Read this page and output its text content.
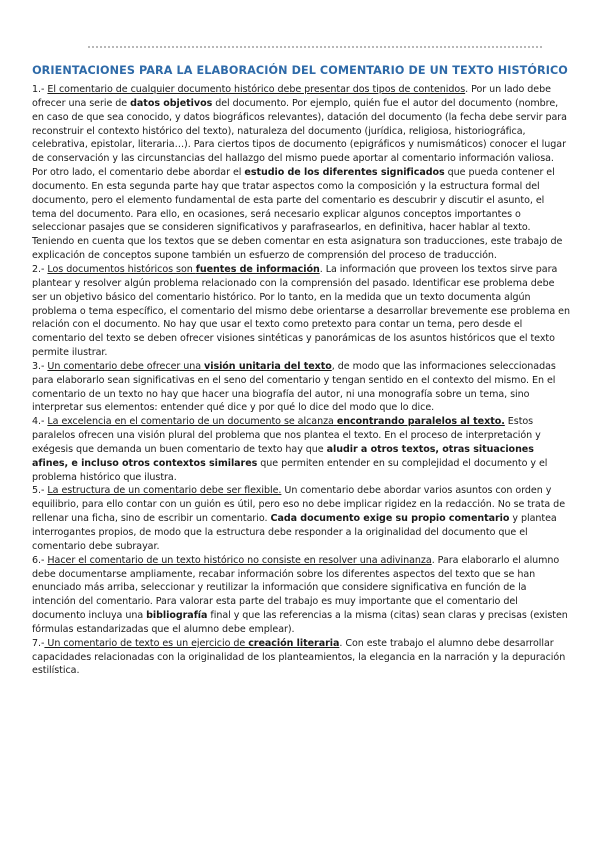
ORIENTACIONES PARA LA ELABORACIÓN DEL COMENTARIO DE UN TEXTO HISTÓRICO

1.- El comentario de cualquier documento histórico debe presentar dos tipos de contenidos. Por un lado debe ofrecer una serie de datos objetivos del documento. Por ejemplo, quién fue el autor del documento (nombre, en caso de que sea conocido, y datos biográficos relevantes), datación del documento (la fecha debe servir para reconstruir el contexto histórico del texto), naturaleza del documento (jurídica, religiosa, historiográfica, celebrativa, epistolar, literaria…). Para ciertos tipos de documento (epigráficos y numismáticos) conocer el lugar de conservación y las circunstancias del hallazgo del mismo puede aportar al comentario información valiosa.

Por otro lado, el comentario debe abordar el estudio de los diferentes significados que pueda contener el documento. En esta segunda parte hay que tratar aspectos como la composición y la estructura formal del documento, pero el elemento fundamental de esta parte del comentario es descubrir y discutir el asunto, el tema del documento. Para ello, en ocasiones, será necesario explicar algunos conceptos importantes o seleccionar pasajes que se consideren significativos y parafrasearlos, en definitiva, hacer hablar al texto.

Teniendo en cuenta que los textos que se deben comentar en esta asignatura son traducciones, este trabajo de explicación de conceptos supone también un esfuerzo de comprensión del proceso de traducción.

2.- Los documentos históricos son fuentes de información. La información que proveen los textos sirve para plantear y resolver algún problema relacionado con la comprensión del pasado. Identificar ese problema debe ser un objetivo básico del comentario histórico. Por lo tanto, en la medida que un texto documenta algún problema o tema específico, el comentario del mismo debe orientarse a desarrollar brevemente ese problema en relación con el documento. No hay que usar el texto como pretexto para contar un tema, pero desde el comentario del texto se deben ofrecer visiones sintéticas y panorámicas de los asuntos históricos que el texto permite ilustrar.

3.- Un comentario debe ofrecer una visión unitaria del texto, de modo que las informaciones seleccionadas para elaborarlo sean significativas en el seno del comentario y tengan sentido en el contexto del mismo. En el comentario de un texto no hay que hacer una biografía del autor, ni una monografía sobre un tema, sino interpretar sus elementos: entender qué dice y por qué lo dice del modo que lo dice.

4.- La excelencia en el comentario de un documento se alcanza encontrando paralelos al texto. Estos paralelos ofrecen una visión plural del problema que nos plantea el texto. En el proceso de interpretación y exégesis que demanda un buen comentario de texto hay que aludir a otros textos, otras situaciones afines, e incluso otros contextos similares que permiten entender en su complejidad el documento y el problema histórico que ilustra.

5.- La estructura de un comentario debe ser flexible. Un comentario debe abordar varios asuntos con orden y equilibrio, para ello contar con un guión es útil, pero eso no debe implicar rigidez en la redacción. No se trata de rellenar una ficha, sino de escribir un comentario. Cada documento exige su propio comentario y plantea interrogantes propios, de modo que la estructura debe responder a la originalidad del documento que el comentario debe subrayar.

6.- Hacer el comentario de un texto histórico no consiste en resolver una adivinanza. Para elaborarlo el alumno debe documentarse ampliamente, recabar información sobre los diferentes aspectos del texto que se han enunciado más arriba, seleccionar y reutilizar la información que considere significativa en función de la intención del comentario. Para valorar esta parte del trabajo es muy importante que el comentario del documento incluya una bibliografía final y que las referencias a la misma (citas) sean claras y precisas (existen fórmulas estandarizadas que el alumno debe emplear).

7.- Un comentario de texto es un ejercicio de creación literaria. Con este trabajo el alumno debe desarrollar capacidades relacionadas con la originalidad de los planteamientos, la elegancia en la narración y la depuración estilística.
